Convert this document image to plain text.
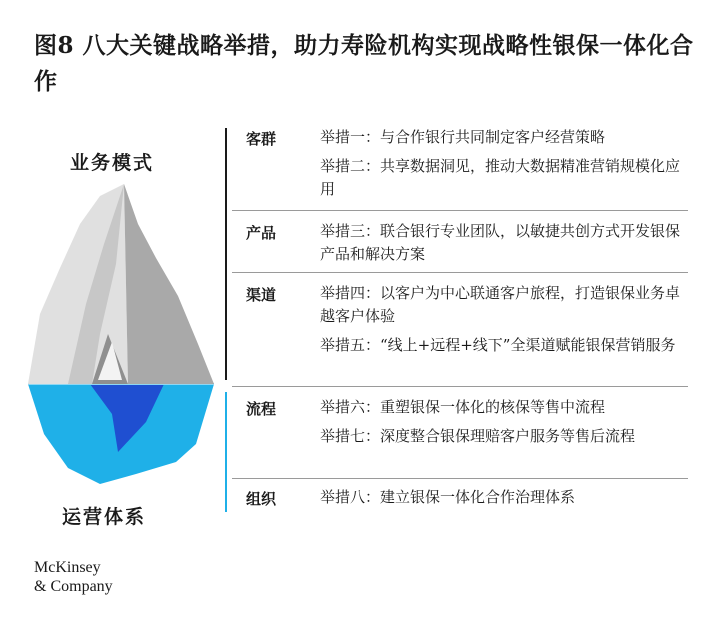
图8 八大关键战略举措，助力寿险机构实现战略性银保一体化合作
业务模式
运营体系
客群	举措一：与合作银行共同制定客户经营策略
举措二：共享数据洞见，推动大数据精准营销规模化应用
产品	举措三：联合银行专业团队，以敏捷共创方式开发银保产品和解决方案
渠道	举措四：以客户为中心联通客户旅程，打造银保业务卓越客户体验
举措五：“线上+远程+线下”全渠道赋能银保营销服务
流程	举措六：重塑银保一体化的核保等售中流程
举措七：深度整合银保理赔客户服务等售后流程
组织	举措八：建立银保一体化合作治理体系
McKinsey
& Company
